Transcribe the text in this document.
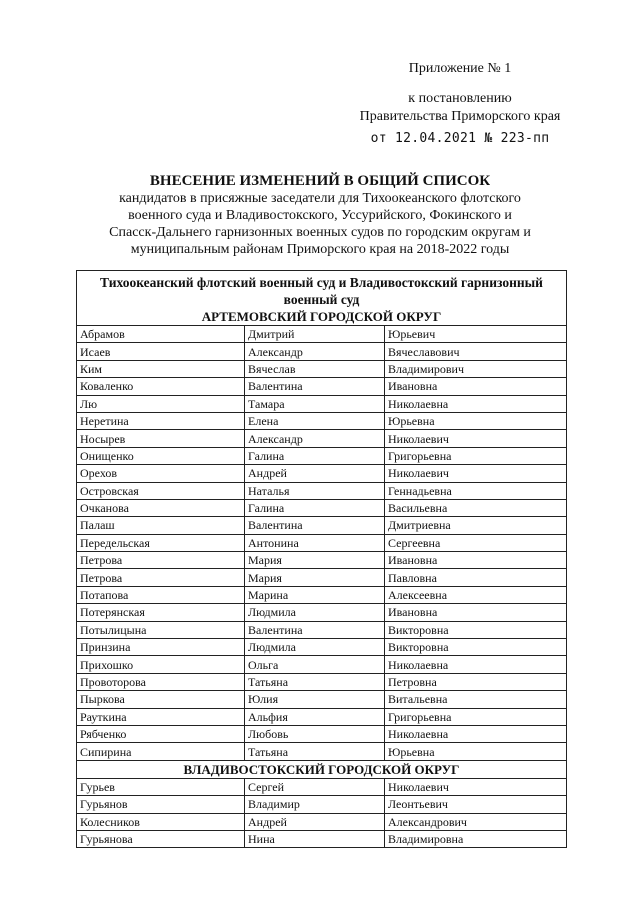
Приложение № 1
к постановлению
Правительства Приморского края
от 12.04.2021 № 223-пп
ВНЕСЕНИЕ ИЗМЕНЕНИЙ В ОБЩИЙ СПИСОК
кандидатов в присяжные заседатели для Тихоокеанского флотского
военного суда и Владивостокского, Уссурийского, Фокинского и
Спасск-Дальнего гарнизонных военных судов по городским округам и
муниципальным районам Приморского края на 2018-2022 годы
Тихоокеанский флотский военный суд и Владивостокский гарнизонный военный суд		
АРТЕМОВСКИЙ ГОРОДСКОЙ ОКРУГ		
Абрамов	Дмитрий	Юрьевич
Исаев	Александр	Вячеславович
Ким	Вячеслав	Владимирович
Коваленко	Валентина	Ивановна
Лю	Тамара	Николаевна
Неретина	Елена	Юрьевна
Носырев	Александр	Николаевич
Онищенко	Галина	Григорьевна
Орехов	Андрей	Николаевич
Островская	Наталья	Геннадьевна
Очканова	Галина	Васильевна
Палаш	Валентина	Дмитриевна
Передельская	Антонина	Сергеевна
Петрова	Мария	Ивановна
Петрова	Мария	Павловна
Потапова	Марина	Алексеевна
Потерянская	Людмила	Ивановна
Потылицына	Валентина	Викторовна
Принзина	Людмила	Викторовна
Прихошко	Ольга	Николаевна
Провоторова	Татьяна	Петровна
Пыркова	Юлия	Витальевна
Рауткина	Альфия	Григорьевна
Рябченко	Любовь	Николаевна
Сипирина	Татьяна	Юрьевна
ВЛАДИВОСТОКСКИЙ ГОРОДСКОЙ ОКРУГ		
Гурьев	Сергей	Николаевич
Гурьянов	Владимир	Леонтьевич
Колесников	Андрей	Александрович
Гурьянова	Нина	Владимировна
